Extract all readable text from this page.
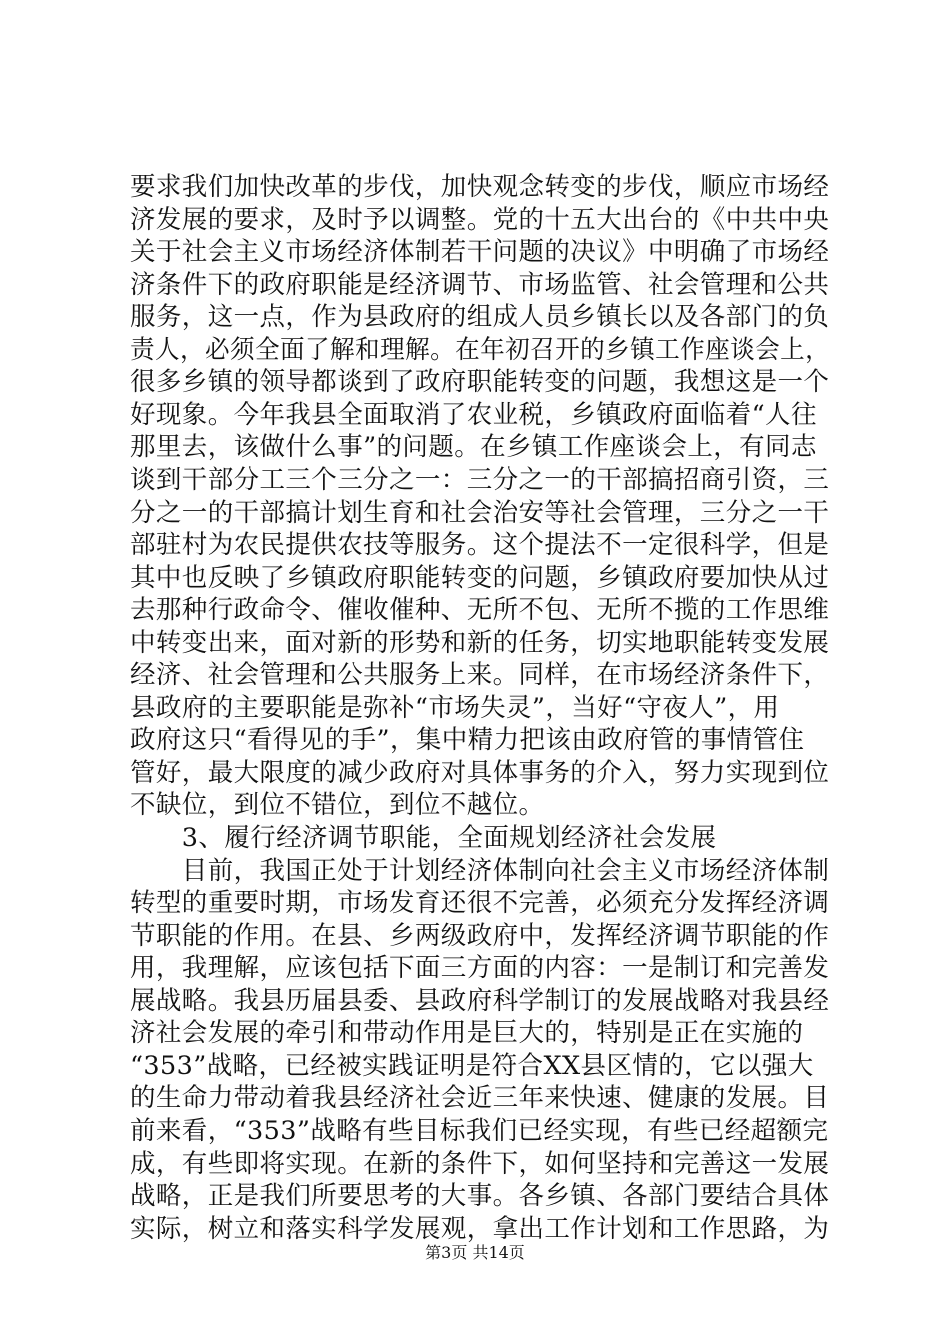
要求我们加快改革的步伐，加快观念转变的步伐，顺应市场经
济发展的要求，及时予以调整。党的十五大出台的《中共中央
关于社会主义市场经济体制若干问题的决议》中明确了市场经
济条件下的政府职能是经济调节、市场监管、社会管理和公共
服务，这一点，作为县政府的组成人员乡镇长以及各部门的负
责人，必须全面了解和理解。在年初召开的乡镇工作座谈会上，
很多乡镇的领导都谈到了政府职能转变的问题，我想这是一个
好现象。今年我县全面取消了农业税，乡镇政府面临着“人往
那里去，该做什么事”的问题。在乡镇工作座谈会上，有同志
谈到干部分工三个三分之一：三分之一的干部搞招商引资，三
分之一的干部搞计划生育和社会治安等社会管理，三分之一干
部驻村为农民提供农技等服务。这个提法不一定很科学，但是
其中也反映了乡镇政府职能转变的问题，乡镇政府要加快从过
去那种行政命令、催收催种、无所不包、无所不揽的工作思维
中转变出来，面对新的形势和新的任务，切实地职能转变发展
经济、社会管理和公共服务上来。同样，在市场经济条件下，
县政府的主要职能是弥补“市场失灵”，当好“守夜人”，用
政府这只“看得见的手”，集中精力把该由政府管的事情管住
管好，最大限度的减少政府对具体事务的介入，努力实现到位
不缺位，到位不错位，到位不越位。
　　3、履行经济调节职能，全面规划经济社会发展
　　目前，我国正处于计划经济体制向社会主义市场经济体制
转型的重要时期，市场发育还很不完善，必须充分发挥经济调
节职能的作用。在县、乡两级政府中，发挥经济调节职能的作
用，我理解，应该包括下面三方面的内容：一是制订和完善发
展战略。我县历届县委、县政府科学制订的发展战略对我县经
济社会发展的牵引和带动作用是巨大的，特别是正在实施的
“353”战略，已经被实践证明是符合XX县区情的，它以强大
的生命力带动着我县经济社会近三年来快速、健康的发展。目
前来看，“353”战略有些目标我们已经实现，有些已经超额完
成，有些即将实现。在新的条件下，如何坚持和完善这一发展
战略，正是我们所要思考的大事。各乡镇、各部门要结合具体
实际，树立和落实科学发展观，拿出工作计划和工作思路，为
第3页 共14页
